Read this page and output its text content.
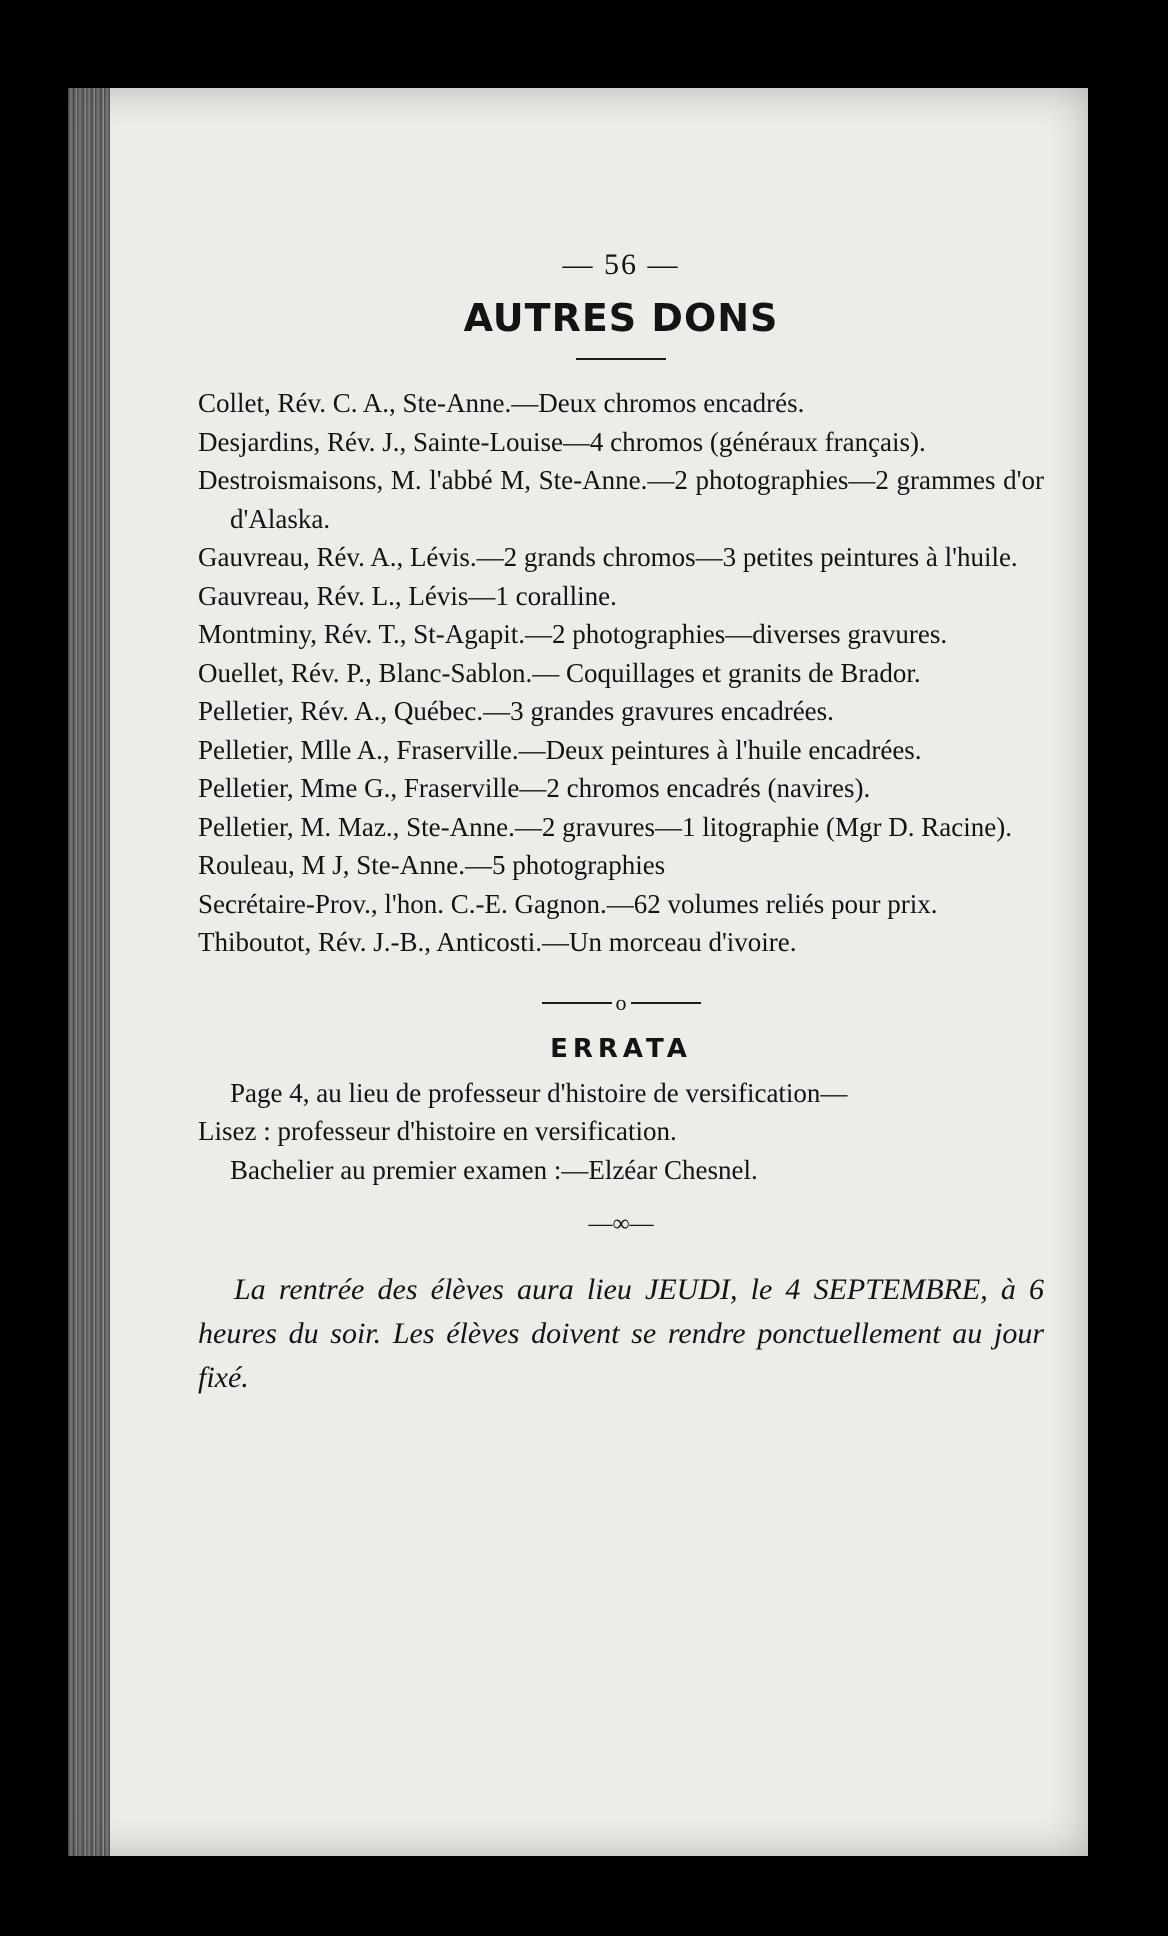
— 56 —
AUTRES DONS
Collet, Rév. C. A., Ste-Anne.—Deux chromos encadrés.
Desjardins, Rév. J., Sainte-Louise—4 chromos (généraux français).
Destroismaisons, M. l'abbé M, Ste-Anne.—2 photographies—2 grammes d'or d'Alaska.
Gauvreau, Rév. A., Lévis.—2 grands chromos—3 petites peintures à l'huile.
Gauvreau, Rév. L., Lévis—1 coralline.
Montminy, Rév. T., St-Agapit.—2 photographies—diverses gravures.
Ouellet, Rév. P., Blanc-Sablon.— Coquillages et granits de Brador.
Pelletier, Rév. A., Québec.—3 grandes gravures encadrées.
Pelletier, Mlle A., Fraserville.—Deux peintures à l'huile encadrées.
Pelletier, Mme G., Fraserville—2 chromos encadrés (navires).
Pelletier, M. Maz., Ste-Anne.—2 gravures—1 litographie (Mgr D. Racine).
Rouleau, M J, Ste-Anne.—5 photographies
Secrétaire-Prov., l'hon. C.-E. Gagnon.—62 volumes reliés pour prix.
Thiboutot, Rév. J.-B., Anticosti.—Un morceau d'ivoire.
o
ERRATA

Page 4, au lieu de professeur d'histoire de versification—

Lisez : professeur d'histoire en versification.

Bachelier au premier examen :—Elzéar Chesnel.

—∞—

La rentrée des élèves aura lieu JEUDI, le 4 SEPTEMBRE, à 6 heures du soir. Les élèves doivent se rendre ponctuellement au jour fixé.
